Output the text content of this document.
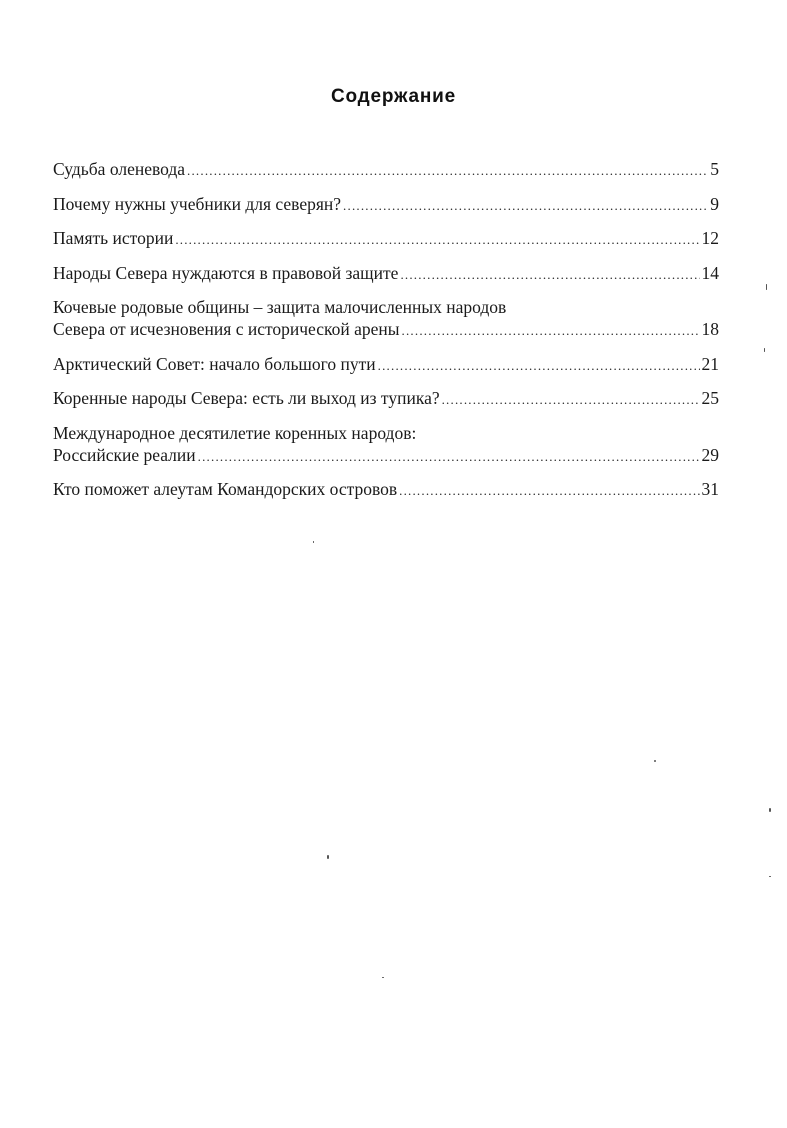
Содержание
Судьба оленевода .....	5
Почему нужны учебники для северян? .....	9
Память истории .....	12
Народы Севера нуждаются в правовой защите .....	14
Кочевые родовые общины – защита малочисленных народов
Севера от исчезновения с исторической арены .....	18
Арктический Совет: начало большого пути .....	21
Коренные народы Севера: есть ли выход из тупика? .....	25
Международное десятилетие коренных народов:
Российские реалии .....	29
Кто поможет алеутам Командорских островов .....	31
